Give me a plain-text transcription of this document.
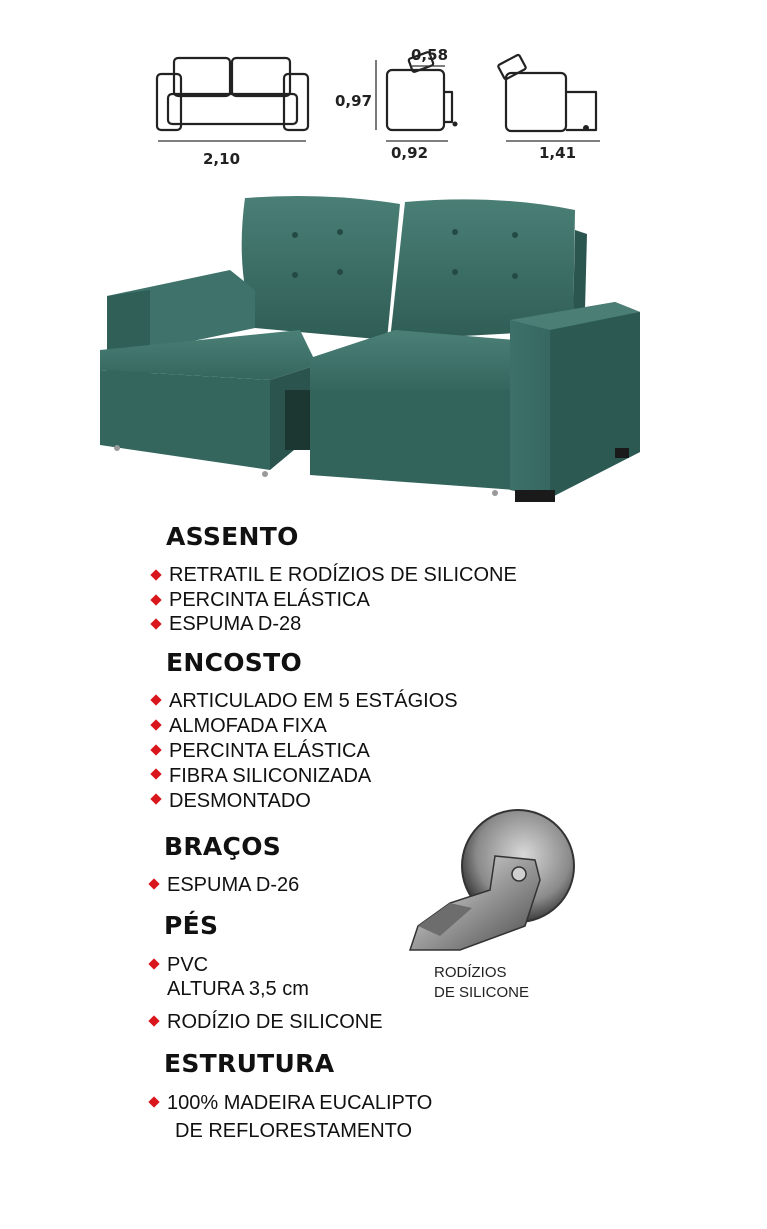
2,10
0,58
0,97
0,92	1,41
ASSENTO
RETRATIL E RODÍZIOS DE SILICONE
PERCINTA ELÁSTICA
ESPUMA D-28
ENCOSTO
ARTICULADO EM 5 ESTÁGIOS
ALMOFADA FIXA
PERCINTA ELÁSTICA
FIBRA SILICONIZADA
DESMONTADO
BRAÇOS
ESPUMA D-26
PÉS
PVC
ALTURA 3,5 cm
RODÍZIO DE SILICONE
ESTRUTURA
100% MADEIRA EUCALIPTO
DE REFLORESTAMENTO
RODÍZIOS
DE SILICONE
